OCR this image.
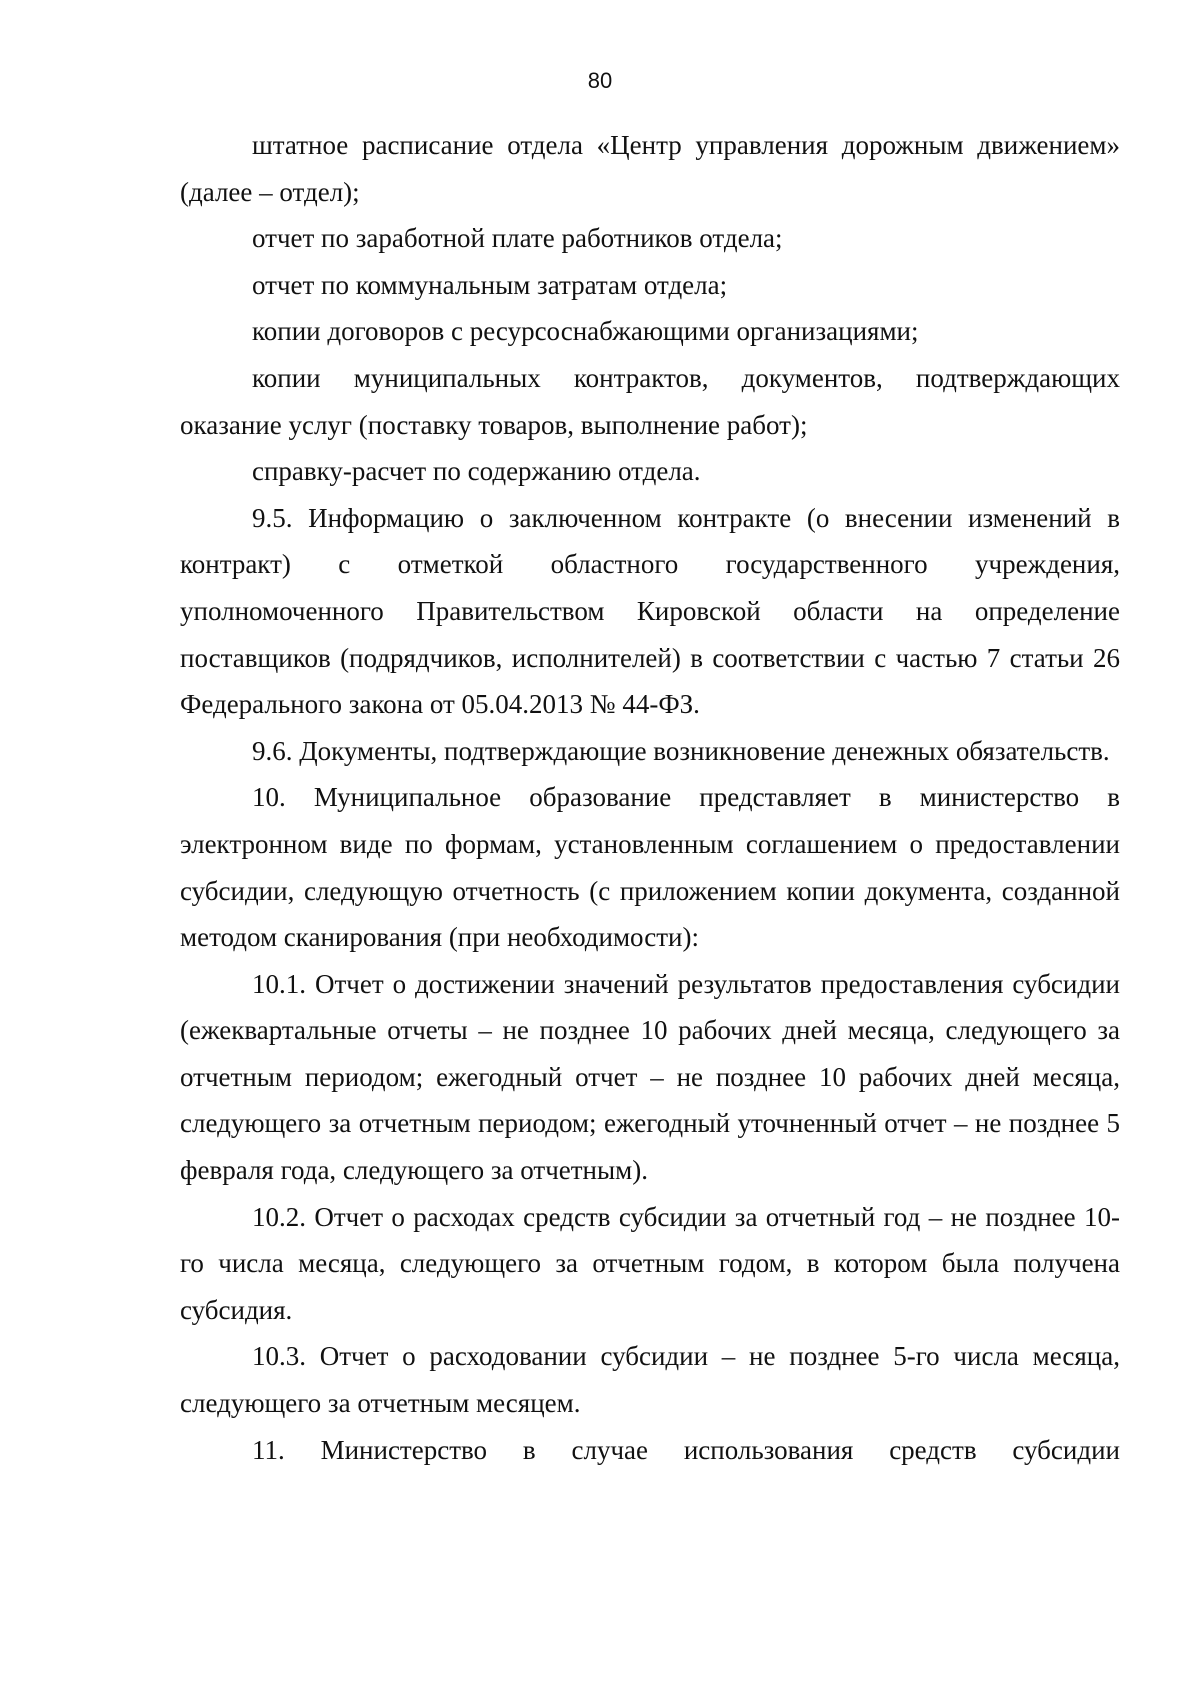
80

штатное расписание отдела «Центр управления дорожным движением» (далее – отдел);

отчет по заработной плате работников отдела;

отчет по коммунальным затратам отдела;

копии договоров с ресурсоснабжающими организациями;

копии муниципальных контрактов, документов, подтверждающих оказание услуг (поставку товаров, выполнение работ);

справку-расчет по содержанию отдела.

9.5. Информацию о заключенном контракте (о внесении изменений в контракт) с отметкой областного государственного учреждения, уполномоченного Правительством Кировской области на определение поставщиков (подрядчиков, исполнителей) в соответствии с частью 7 статьи 26 Федерального закона от 05.04.2013 № 44-ФЗ.

9.6. Документы, подтверждающие возникновение денежных обязательств.

10. Муниципальное образование представляет в министерство в электронном виде по формам, установленным соглашением о предоставлении субсидии, следующую отчетность (с приложением копии документа, созданной методом сканирования (при необходимости):

10.1. Отчет о достижении значений результатов предоставления субсидии (ежеквартальные отчеты – не позднее 10 рабочих дней месяца, следующего за отчетным периодом; ежегодный отчет – не позднее 10 рабочих дней месяца, следующего за отчетным периодом; ежегодный уточненный отчет – не позднее 5 февраля года, следующего за отчетным).

10.2. Отчет о расходах средств субсидии за отчетный год – не позднее 10-го числа месяца, следующего за отчетным годом, в котором была получена субсидия.

10.3. Отчет о расходовании субсидии – не позднее 5-го числа месяца, следующего за отчетным месяцем.

11. Министерство в случае использования средств субсидии
